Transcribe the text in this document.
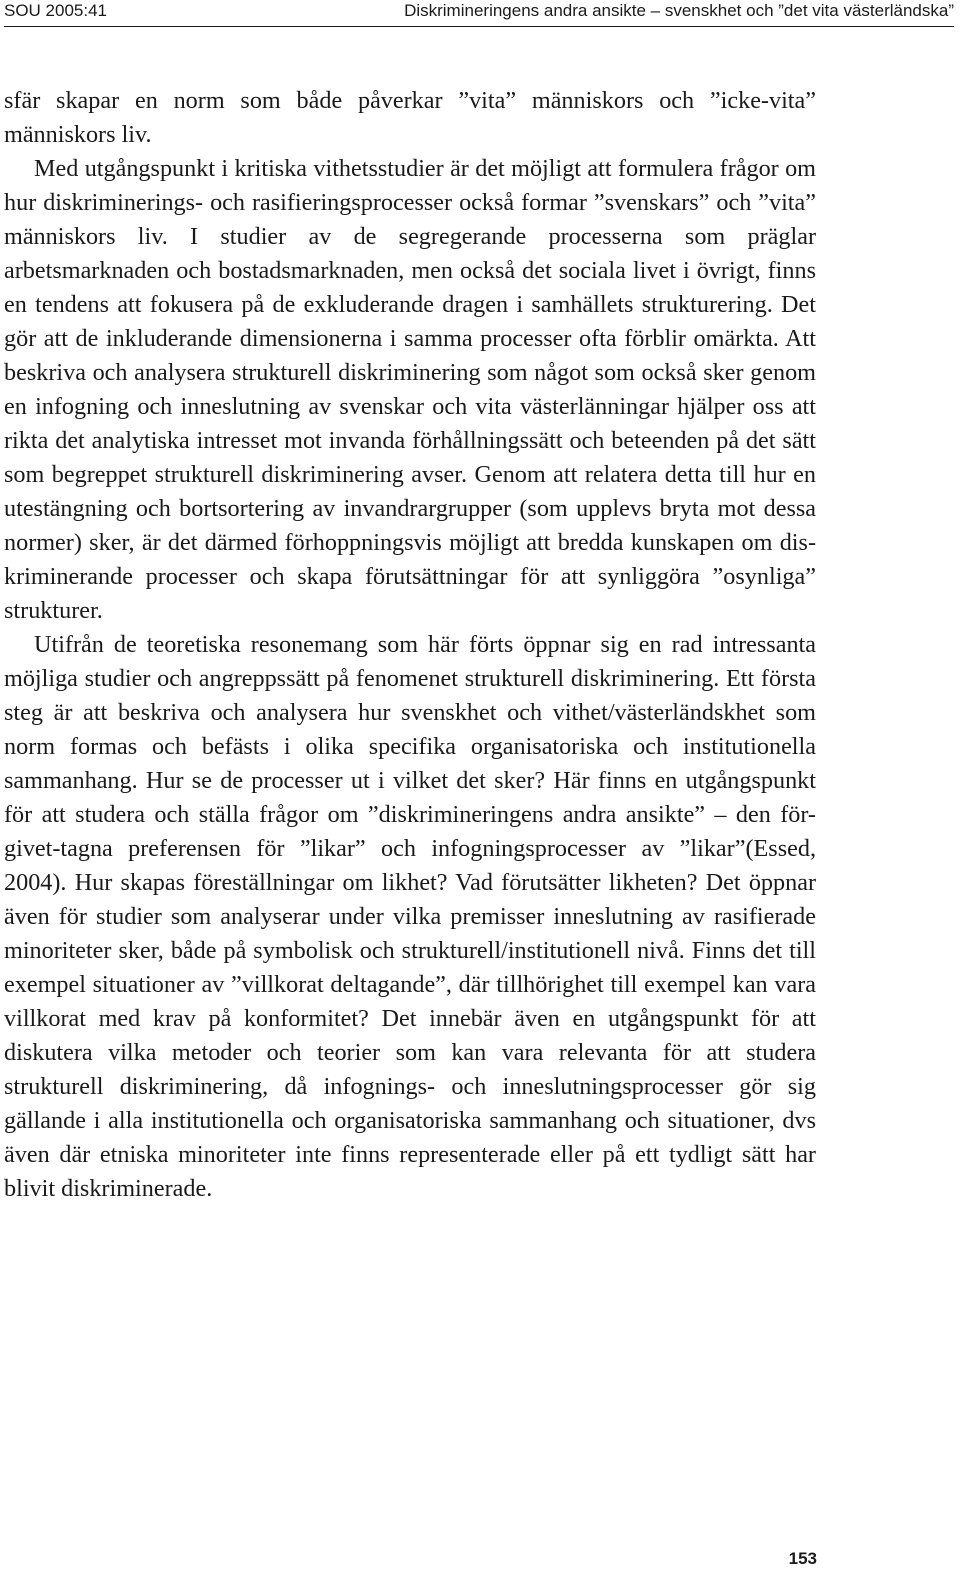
SOU 2005:41	Diskrimineringens andra ansikte – svenskhet och ”det vita västerländska”

sfär skapar en norm som både påverkar ”vita” människors och ”icke-vita” människors liv.

Med utgångspunkt i kritiska vithetsstudier är det möjligt att formulera frågor om hur diskriminerings- och rasifieringsprocesser också formar ”svenskars” och ”vita” människors liv. I studier av de segregerande processerna som präglar arbetsmarknaden och bostadsmarknaden, men också det sociala livet i övrigt, finns en tendens att fokusera på de exkluderande dragen i samhällets strukturering. Det gör att de inkluderande dimensionerna i samma processer ofta förblir omärkta. Att beskriva och analysera strukturell diskriminering som något som också sker genom en infogning och inneslutning av svenskar och vita västerlänningar hjälper oss att rikta det analytiska intresset mot invanda förhållningssätt och beteenden på det sätt som begreppet strukturell diskriminering avser. Genom att relatera detta till hur en utestängning och bortsortering av invandrargrupper (som upplevs bryta mot dessa normer) sker, är det därmed förhoppningsvis möjligt att bredda kunskapen om diskriminerande processer och skapa förutsättningar för att synliggöra ”osynliga” strukturer.

Utifrån de teoretiska resonemang som här förts öppnar sig en rad intressanta möjliga studier och angreppssätt på fenomenet strukturell diskriminering. Ett första steg är att beskriva och analysera hur svenskhet och vithet/västerländskhet som norm formas och befästs i olika specifika organisatoriska och institutionella sammanhang. Hur se de processer ut i vilket det sker? Här finns en utgångspunkt för att studera och ställa frågor om ”diskrimineringens andra ansikte” – den för-givet-tagna preferensen för ”likar” och infogningsprocesser av ”likar”(Essed, 2004). Hur skapas föreställningar om likhet? Vad förutsätter likheten? Det öppnar även för studier som analyserar under vilka premisser inneslutning av rasifierade minoriteter sker, både på symbolisk och strukturell/institutionell nivå. Finns det till exempel situationer av ”villkorat deltagande”, där tillhörighet till exempel kan vara villkorat med krav på konformitet? Det innebär även en utgångspunkt för att diskutera vilka metoder och teorier som kan vara relevanta för att studera strukturell diskriminering, då infognings- och inneslutningsprocesser gör sig gällande i alla institutionella och organisatoriska sammanhang och situationer, dvs även där etniska minoriteter inte finns representerade eller på ett tydligt sätt har blivit diskriminerade.

153
